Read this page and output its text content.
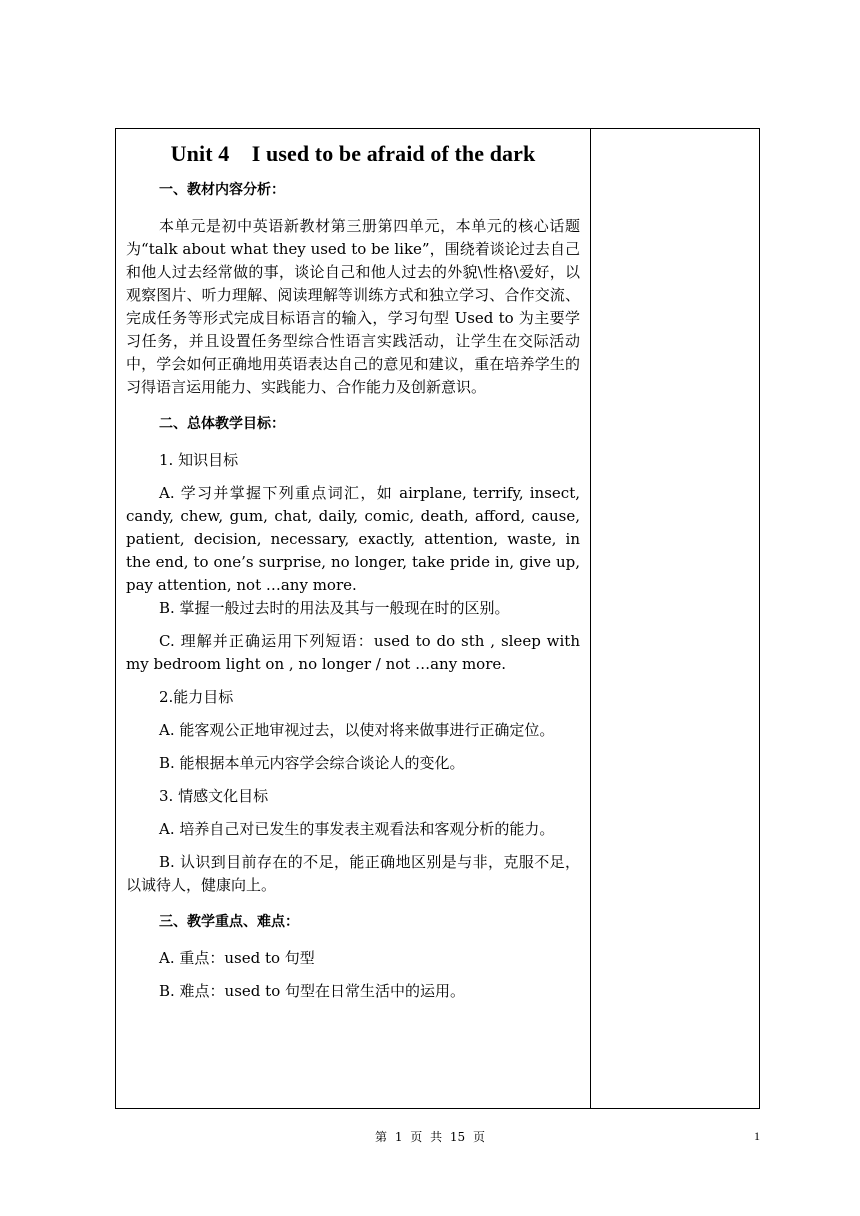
Unit 4    I used to be afraid of the dark
一、教材内容分析：

本单元是初中英语新教材第三册第四单元，本单元的核心话题为“talk about what they used to be like”，围绕着谈论过去自己和他人过去经常做的事，谈论自己和他人过去的外貌\性格\爱好，以观察图片、听力理解、阅读理解等训练方式和独立学习、合作交流、完成任务等形式完成目标语言的输入，学习句型 Used to 为主要学习任务，并且设置任务型综合性语言实践活动，让学生在交际活动中，学会如何正确地用英语表达自己的意见和建议，重在培养学生的习得语言运用能力、实践能力、合作能力及创新意识。

二、总体教学目标：

1. 知识目标

A. 学习并掌握下列重点词汇，如 airplane, terrify, insect, candy, chew, gum, chat, daily, comic, death, afford, cause, patient, decision, necessary, exactly, attention, waste, in the end, to one’s surprise, no longer, take pride in, give up, pay attention, not …any more.

B. 掌握一般过去时的用法及其与一般现在时的区别。

C. 理解并正确运用下列短语：used to do sth , sleep with my bedroom light on , no longer / not …any more.

2.能力目标

A. 能客观公正地审视过去，以使对将来做事进行正确定位。

B. 能根据本单元内容学会综合谈论人的变化。

3. 情感文化目标

A. 培养自己对已发生的事发表主观看法和客观分析的能力。

B. 认识到目前存在的不足，能正确地区别是与非，克服不足，以诚待人，健康向上。

三、教学重点、难点：

A. 重点：used to 句型

B. 难点：used to 句型在日常生活中的运用。

第 1 页 共 15 页	1
